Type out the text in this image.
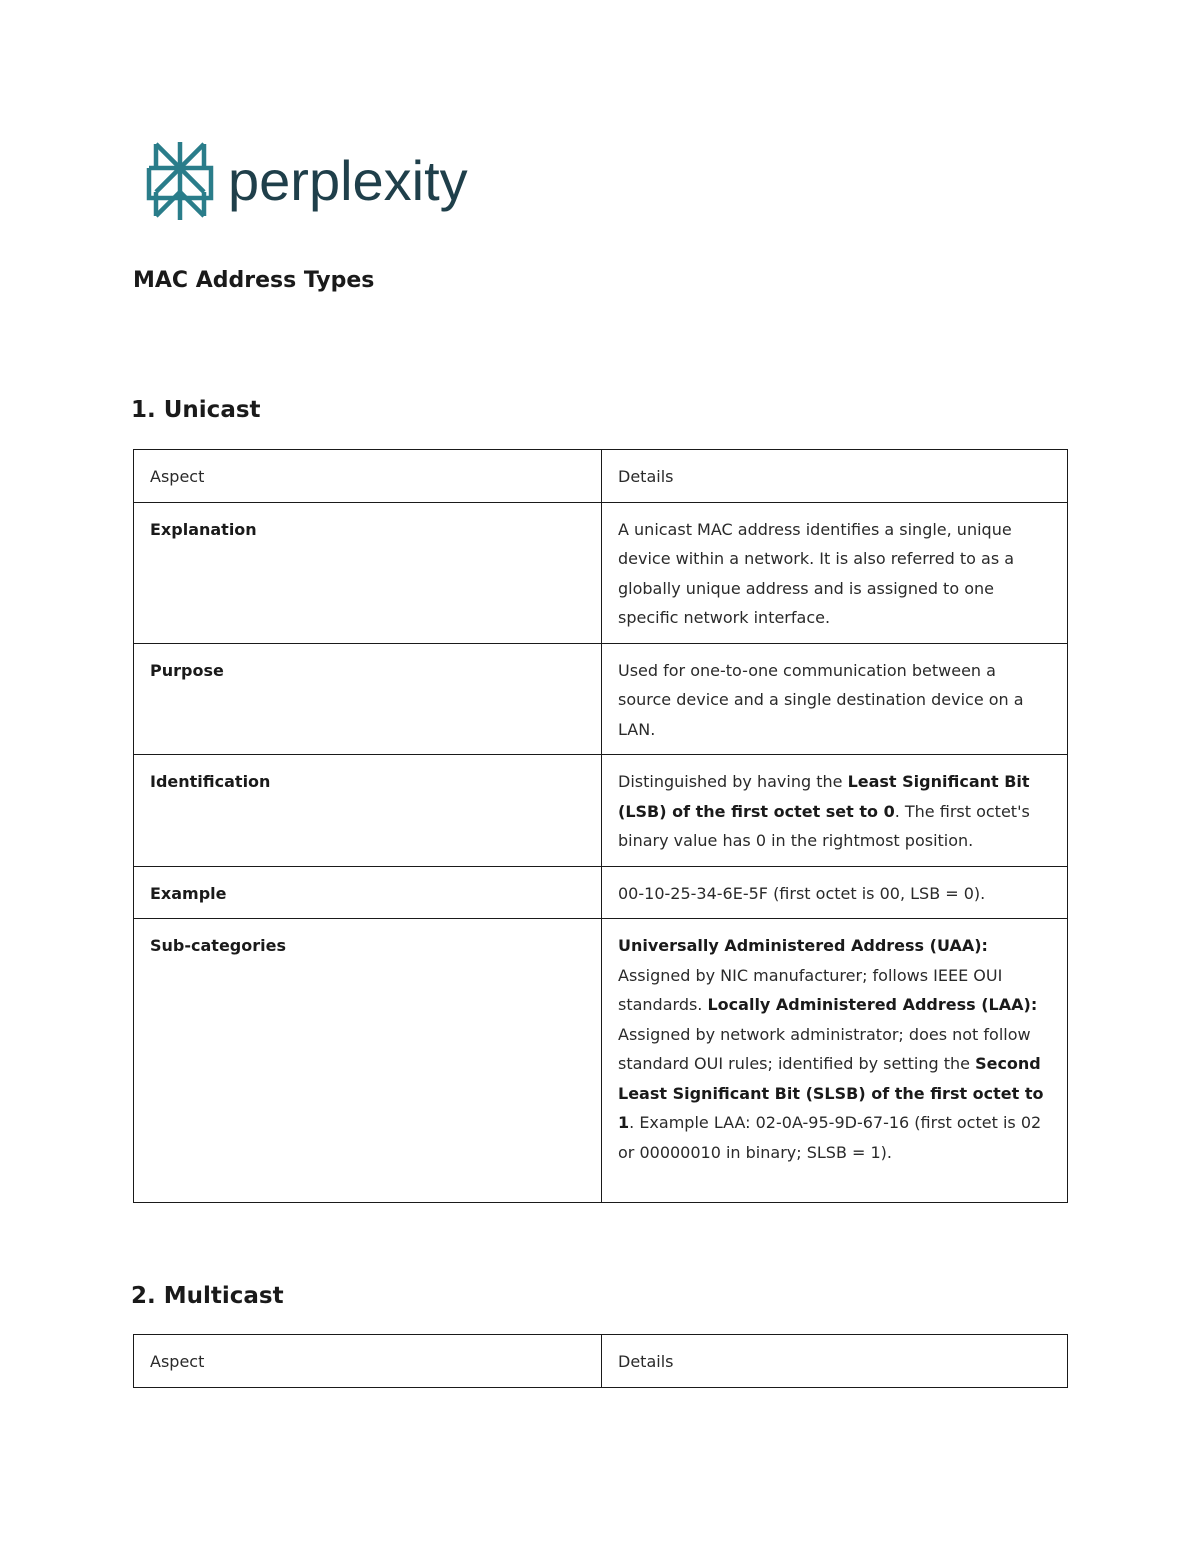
perplexity
MAC Address Types
1. Unicast
Aspect	Details
Explanation	A unicast MAC address identifies a single, unique device within a network. It is also referred to as a globally unique address and is assigned to one specific network interface.
Purpose	Used for one-to-one communication between a source device and a single destination device on a LAN.
Identification	Distinguished by having the Least Significant Bit (LSB) of the first octet set to 0. The first octet's binary value has 0 in the rightmost position.
Example	00-10-25-34-6E-5F (first octet is 00, LSB = 0).
Sub-categories	Universally Administered Address (UAA): Assigned by NIC manufacturer; follows IEEE OUI standards. Locally Administered Address (LAA): Assigned by network administrator; does not follow standard OUI rules; identified by setting the Second Least Significant Bit (SLSB) of the first octet to 1. Example LAA: 02-0A-95-9D-67-16 (first octet is 02 or 00000010 in binary; SLSB = 1).
2. Multicast
Aspect	Details
